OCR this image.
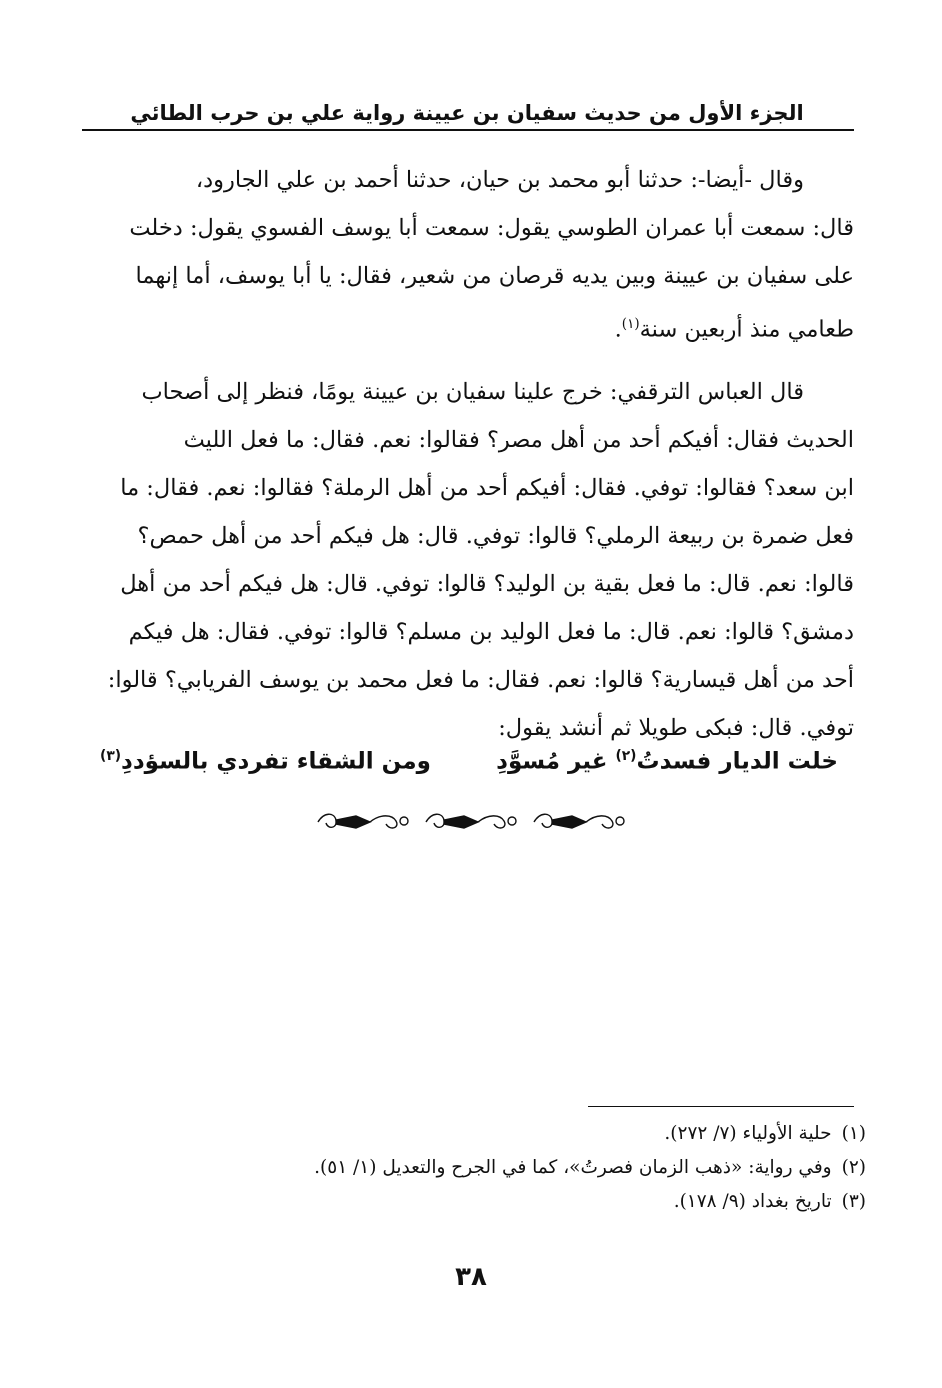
الجزء الأول من حديث سفيان بن عيينة رواية علي بن حرب الطائي

وقال -أيضا-: حدثنا أبو محمد بن حيان، حدثنا أحمد بن علي الجارود،
قال: سمعت أبا عمران الطوسي يقول: سمعت أبا يوسف الفسوي يقول: دخلت
على سفيان بن عيينة وبين يديه قرصان من شعير، فقال: يا أبا يوسف، أما إنهما
طعامي منذ أربعين سنة$^{(١)}$.

قال العباس الترقفي: خرج علينا سفيان بن عيينة يومًا، فنظر إلى أصحاب
الحديث فقال: أفيكم أحد من أهل مصر؟ فقالوا: نعم. فقال: ما فعل الليث
ابن سعد؟ فقالوا: توفي. فقال: أفيكم أحد من أهل الرملة؟ فقالوا: نعم. فقال: ما
فعل ضمرة بن ربيعة الرملي؟ قالوا: توفي. قال: هل فيكم أحد من أهل حمص؟
قالوا: نعم. قال: ما فعل بقية بن الوليد؟ قالوا: توفي. قال: هل فيكم أحد من أهل
دمشق؟ قالوا: نعم. قال: ما فعل الوليد بن مسلم؟ قالوا: توفي. فقال: هل فيكم
أحد من أهل قيسارية؟ قالوا: نعم. فقال: ما فعل محمد بن يوسف الفريابي؟ قالوا:
توفي. قال: فبكى طويلا ثم أنشد يقول:

خلت الديار فسدتُ$^{(٢)}$ غير مُسوَّدِ
ومن الشقاء تفردي بالسؤددِ$^{(٣)}$
(١)حلية الأولياء (٧/ ٢٧٢).
(٢)وفي رواية: «ذهب الزمان فصرتُ»، كما في الجرح والتعديل (١/ ٥١).
(٣)تاريخ بغداد (٩/ ١٧٨).
٣٨
